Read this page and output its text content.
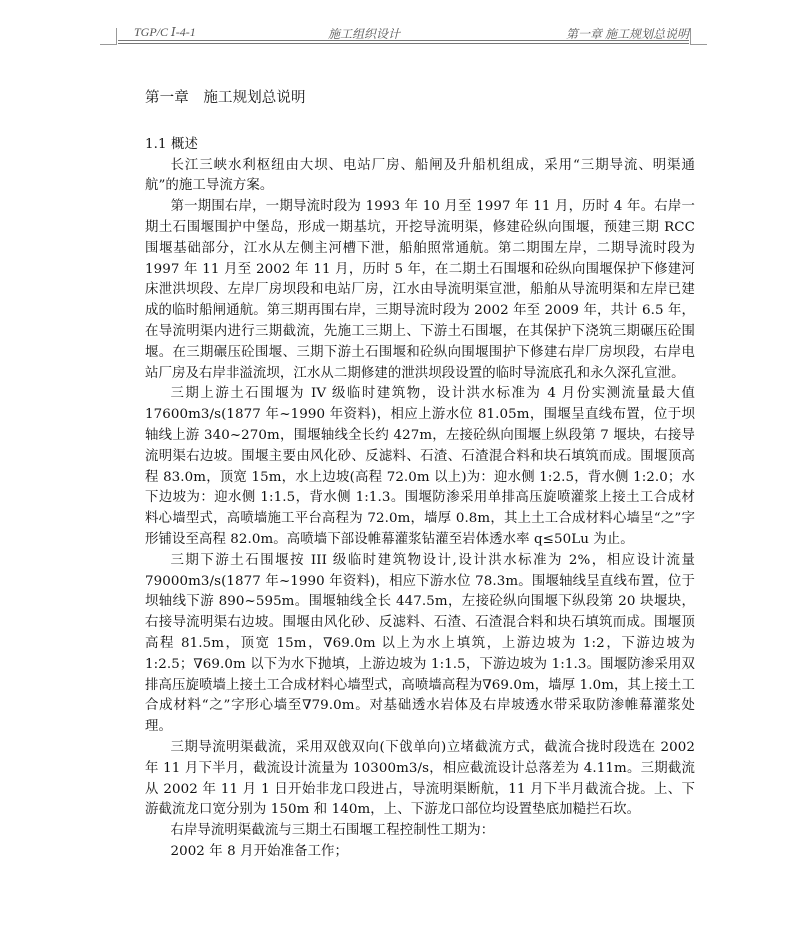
TGP/C Ⅰ-4-1	施工组织设计	第一章 施工规划总说明
第一章　施工规划总说明
1.1 概述

长江三峡水利枢纽由大坝、电站厂房、船闸及升船机组成，采用“三期导流、明渠通航”的施工导流方案。

第一期围右岸，一期导流时段为 1993 年 10 月至 1997 年 11 月，历时 4 年。右岸一期土石围堰围护中堡岛，形成一期基坑，开挖导流明渠，修建砼纵向围堰，预建三期 RCC 围堰基础部分，江水从左侧主河槽下泄，船舶照常通航。第二期围左岸，二期导流时段为 1997 年 11 月至 2002 年 11 月，历时 5 年，在二期土石围堰和砼纵向围堰保护下修建河床泄洪坝段、左岸厂房坝段和电站厂房，江水由导流明渠宣泄，船舶从导流明渠和左岸已建成的临时船闸通航。第三期再围右岸，三期导流时段为 2002 年至 2009 年，共计 6.5 年，在导流明渠内进行三期截流，先施工三期上、下游土石围堰，在其保护下浇筑三期碾压砼围堰。在三期碾压砼围堰、三期下游土石围堰和砼纵向围堰围护下修建右岸厂房坝段，右岸电站厂房及右岸非溢流坝，江水从二期修建的泄洪坝段设置的临时导流底孔和永久深孔宣泄。

三期上游土石围堰为 IV 级临时建筑物，设计洪水标准为 4 月份实测流量最大值 17600m3/s(1877 年~1990 年资料)，相应上游水位 81.05m，围堰呈直线布置，位于坝轴线上游 340~270m，围堰轴线全长约 427m，左接砼纵向围堰上纵段第 7 堰块，右接导流明渠右边坡。围堰主要由风化砂、反滤料、石渣、石渣混合料和块石填筑而成。围堰顶高程 83.0m，顶宽 15m，水上边坡(高程 72.0m 以上)为：迎水侧 1:2.5，背水侧 1:2.0；水下边坡为：迎水侧 1:1.5，背水侧 1:1.3。围堰防渗采用单排高压旋喷灌浆上接土工合成材料心墙型式，高喷墙施工平台高程为 72.0m，墙厚 0.8m，其上土工合成材料心墙呈“之”字形铺设至高程 82.0m。高喷墙下部设帷幕灌浆钻灌至岩体透水率 q≤50Lu 为止。

三期下游土石围堰按 III 级临时建筑物设计,设计洪水标准为 2%，相应设计流量 79000m3/s(1877 年~1990 年资料)，相应下游水位 78.3m。围堰轴线呈直线布置，位于坝轴线下游 890~595m。围堰轴线全长 447.5m，左接砼纵向围堰下纵段第 20 块堰块，右接导流明渠右边坡。围堰由风化砂、反滤料、石渣、石渣混合料和块石填筑而成。围堰顶高程 81.5m，顶宽 15m，∇69.0m 以上为水上填筑，上游边坡为 1:2，下游边坡为 1:2.5；∇69.0m 以下为水下抛填，上游边坡为 1:1.5，下游边坡为 1:1.3。围堰防渗采用双排高压旋喷墙上接土工合成材料心墙型式，高喷墙高程为∇69.0m，墙厚 1.0m，其上接土工合成材料“之”字形心墙至∇79.0m。对基础透水岩体及右岸坡透水带采取防渗帷幕灌浆处理。

三期导流明渠截流，采用双戗双向(下戗单向)立堵截流方式，截流合拢时段选在 2002 年 11 月下半月，截流设计流量为 10300m3/s，相应截流设计总落差为 4.11m。三期截流从 2002 年 11 月 1 日开始非龙口段进占，导流明渠断航，11 月下半月截流合拢。上、下游截流龙口宽分别为 150m 和 140m，上、下游龙口部位均设置垫底加糙拦石坎。

右岸导流明渠截流与三期土石围堰工程控制性工期为：

2002 年 8 月开始准备工作；
